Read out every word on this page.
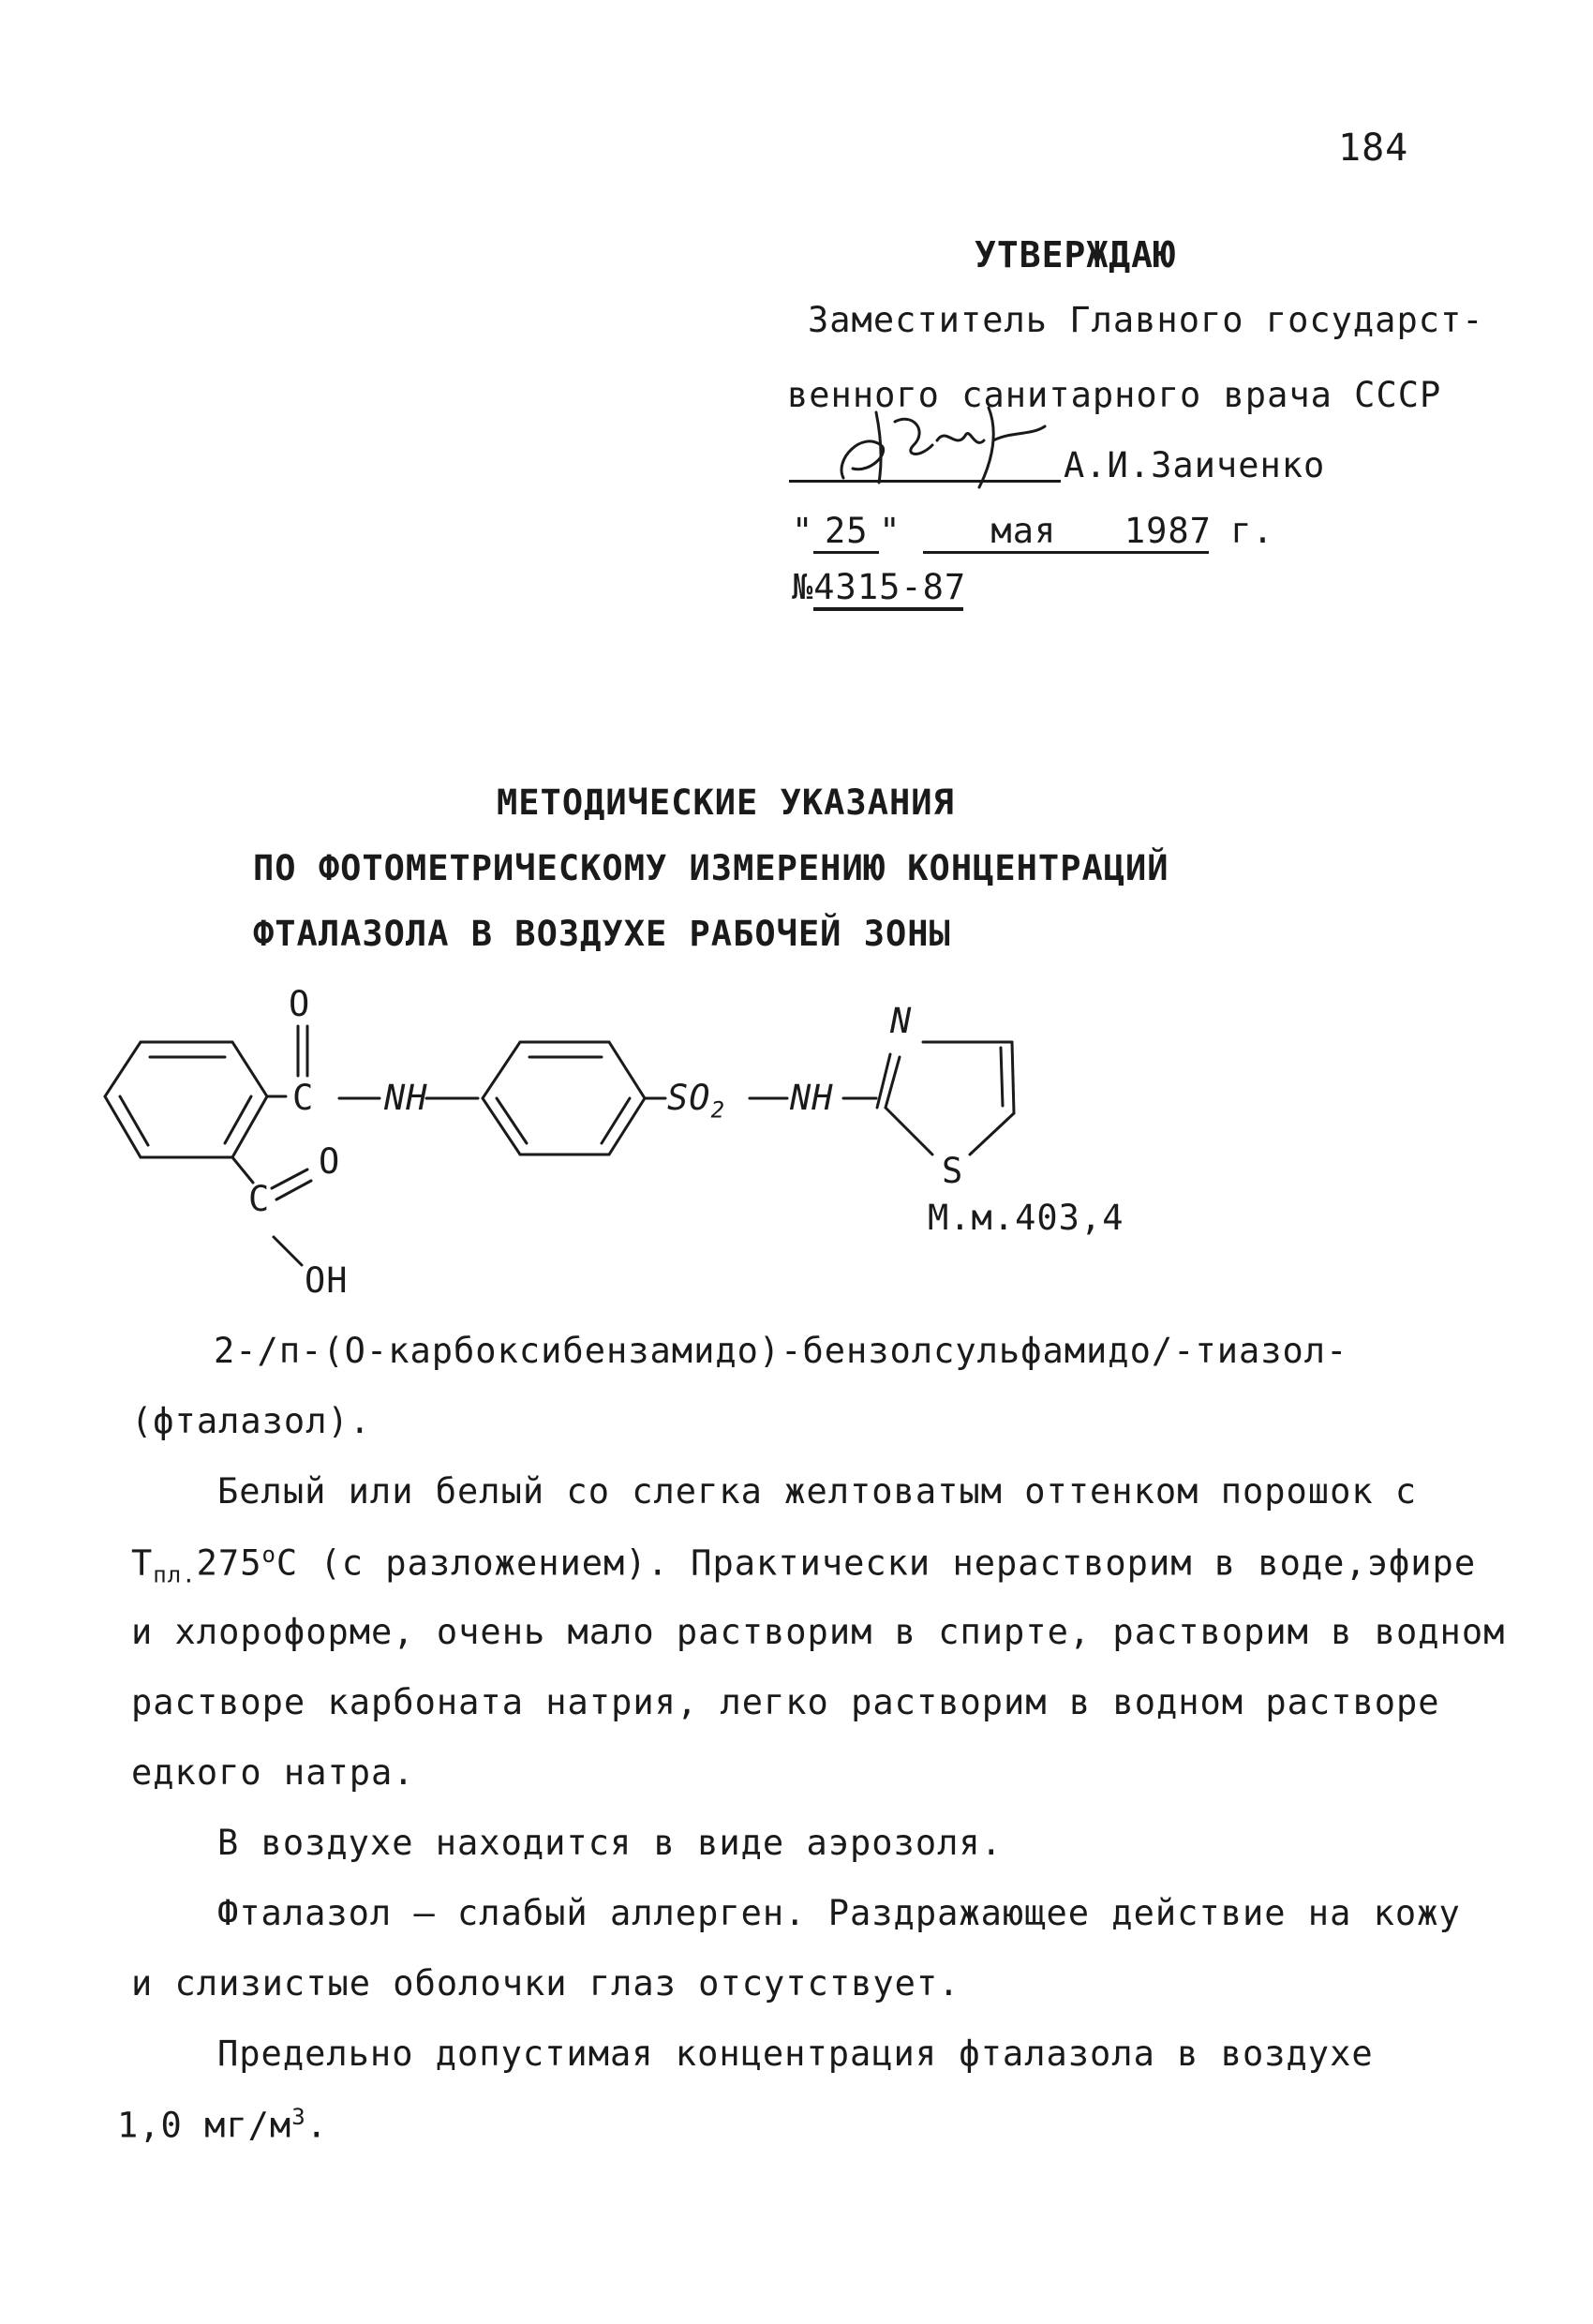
184
УТВЕРЖДАЮ
Заместитель Главного государст-
венного санитарного врача СССР
А.И.Заиченко
" 25 "	мая 1987 г.
№4315-87
МЕТОДИЧЕСКИЕ УКАЗАНИЯ
ПО ФОТОМЕТРИЧЕСКОМУ ИЗМЕРЕНИЮ КОНЦЕНТРАЦИЙ
ФТАЛАЗОЛА В ВОЗДУХЕ РАБОЧЕЙ ЗОНЫ
O
C NH	$SO_2$ NH
N
S
C
O
OH
М.м.403,4
2-/п-(О-карбоксибензамидо)-бензолсульфамидо/-тиазол-
(фталазол).
Белый или белый со слегка желтоватым оттенком порошок с
$Т_{пл.}275^оС$ (с разложением). Практически нерастворим в воде,эфире
и хлороформе, очень мало растворим в спирте, растворим в водном
растворе карбоната натрия, легко растворим в водном растворе
едкого натра.
В воздухе находится в виде аэрозоля.
Фталазол – слабый аллерген. Раздражающее действие на кожу
и слизистые оболочки глаз отсутствует.
Предельно допустимая концентрация фталазола в воздухе
1,0 $мг/м^3$.
